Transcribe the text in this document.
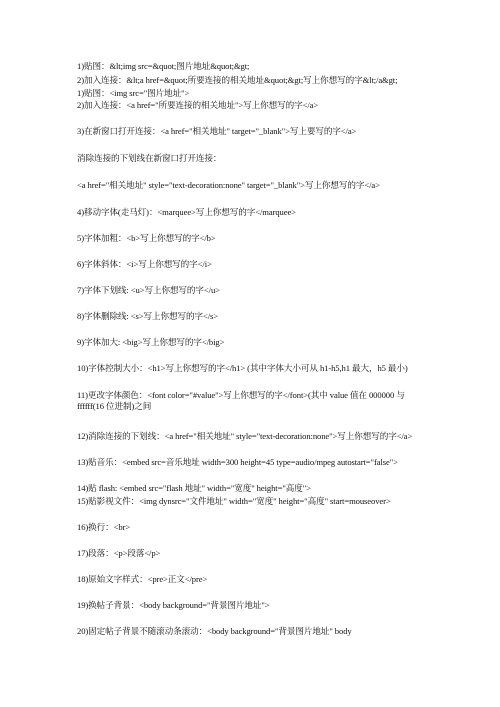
1)贴图：&lt;img src=&quot;图片地址&quot;&gt;
2)加入连接：&lt;a href=&quot;所要连接的相关地址&quot;&gt;写上你想写的字&lt;/a&gt;
1)贴图：<img src="图片地址">
2)加入连接：<a href="所要连接的相关地址">写上你想写的字</a>
3)在新窗口打开连接：<a href="相关地址" target="_blank">写上要写的字</a>
消除连接的下划线在新窗口打开连接：
<a href="相关地址" style="text-decoration:none" target="_blank">写上你想写的字</a>
4)移动字体(走马灯)：<marquee>写上你想写的字</marquee>
5)字体加粗：<b>写上你想写的字</b>
6)字体斜体：<i>写上你想写的字</i>
7)字体下划线: <u>写上你想写的字</u>
8)字体删除线: <s>写上你想写的字</s>
9)字体加大: <big>写上你想写的字</big>
10)字体控制大小：<h1>写上你想写的字</h1> (其中字体大小可从 h1-h5,h1 最大，h5 最小)
11)更改字体颜色：<font color="#value">写上你想写的字</font>(其中 value 值在 000000 与 ffffff(16 位进制)之间
12)消除连接的下划线：<a href="相关地址" style="text-decoration:none">写上你想写的字</a>
13)贴音乐：<embed src=音乐地址 width=300 height=45 type=audio/mpeg autostart="false">
14)贴 flash: <embed src="flash 地址" width="宽度" height="高度">
15)贴影视文件：<img dynsrc="文件地址" width="宽度" height="高度" start=mouseover>
16)换行：<br>
17)段落：<p>段落</p>
18)原始文字样式：<pre>正文</pre>
19)换帖子背景：<body background="背景图片地址">
20)固定帖子背景不随滚动条滚动：<body background="背景图片地址" body
